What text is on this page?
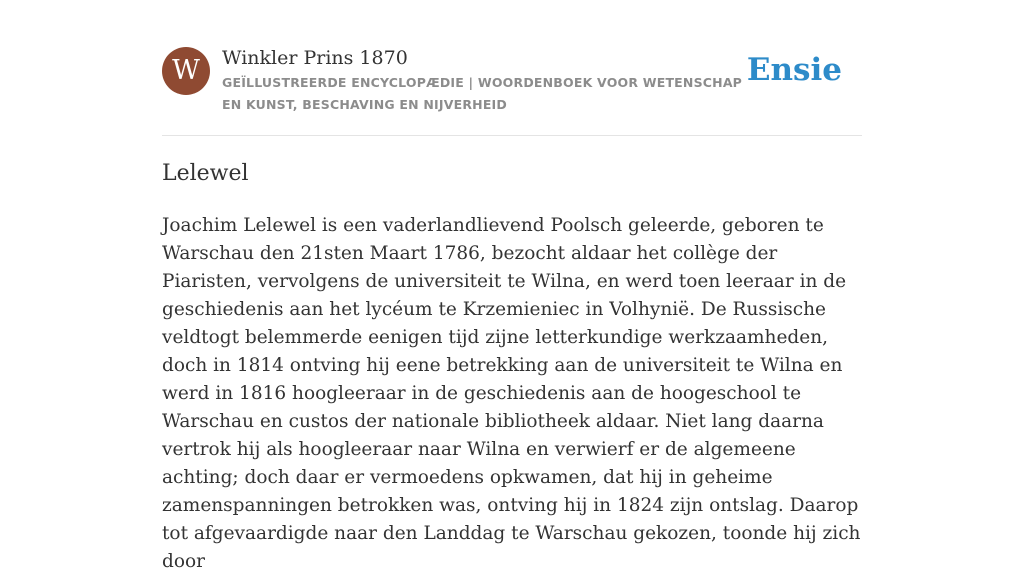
W	Winkler Prins 1870
GEÏLLUSTREERDE ENCYCLOPÆDIE | WOORDENBOEK VOOR WETENSCHAP EN KUNST, BESCHAVING EN NIJVERHEID
Ensie
Lelewel

Joachim Lelewel is een vaderlandlievend Poolsch geleerde, geboren te Warschau den 21sten Maart 1786, bezocht aldaar het collège der Piaristen, vervolgens de universiteit te Wilna, en werd toen leeraar in de geschiedenis aan het lycéum te Krzemieniec in Volhynië. De Russische veldtogt belemmerde eenigen tijd zijne letterkundige werkzaamheden, doch in 1814 ontving hij eene betrekking aan de universiteit te Wilna en werd in 1816 hoogleeraar in de geschiedenis aan de hoogeschool te Warschau en custos der nationale bibliotheek aldaar. Niet lang daarna vertrok hij als hoogleeraar naar Wilna en verwierf er de algemeene achting; doch daar er vermoedens opkwamen, dat hij in geheime zamenspanningen betrokken was, ontving hij in 1824 zijn ontslag. Daarop tot afgevaardigde naar den Landdag te Warschau gekozen, toonde hij zich door
